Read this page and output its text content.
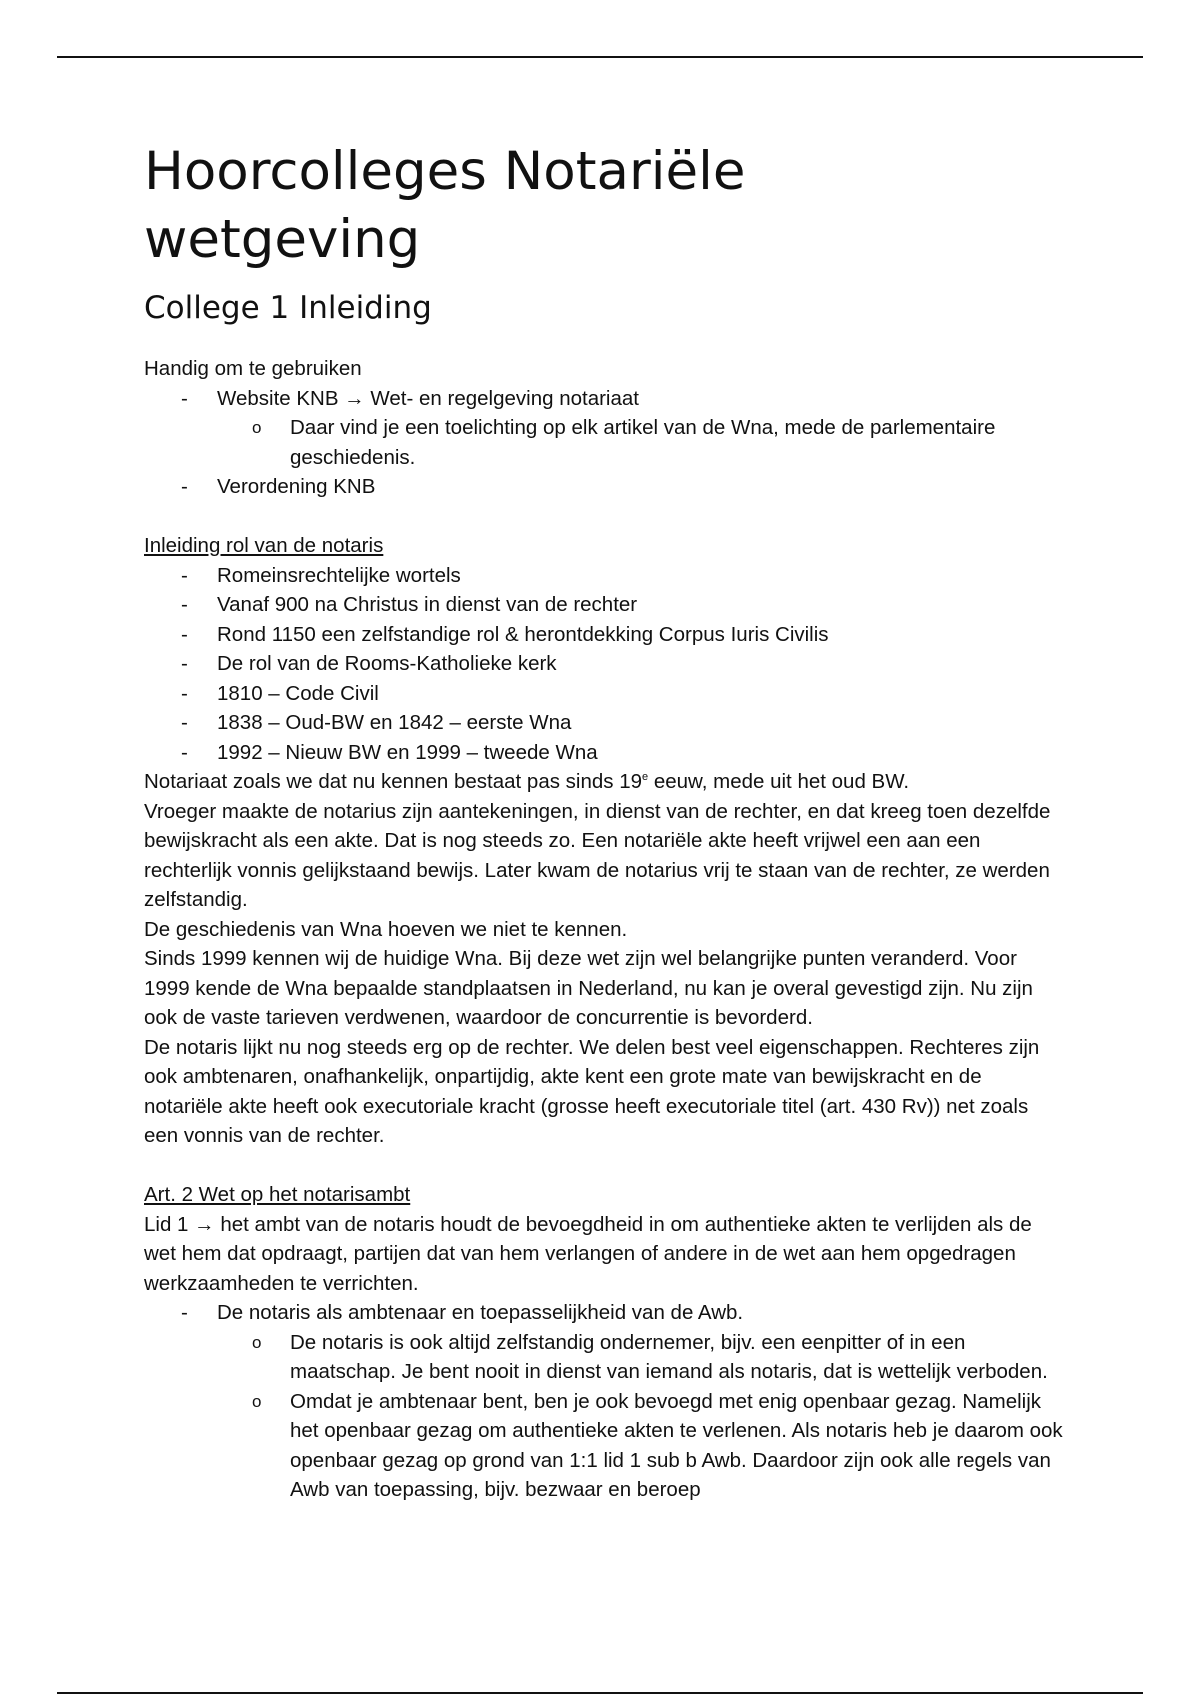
Hoorcolleges Notariële wetgeving
College 1 Inleiding

Handig om te gebruiken

- Website KNB → Wet- en regelgeving notariaat
o Daar vind je een toelichting op elk artikel van de Wna, mede de parlementaire geschiedenis.
- Verordening KNB

Inleiding rol van de notaris

- Romeinsrechtelijke wortels
- Vanaf 900 na Christus in dienst van de rechter
- Rond 1150 een zelfstandige rol & herontdekking Corpus Iuris Civilis
- De rol van de Rooms-Katholieke kerk
- 1810 – Code Civil
- 1838 – Oud-BW en 1842 – eerste Wna
- 1992 – Nieuw BW en 1999 – tweede Wna

Notariaat zoals we dat nu kennen bestaat pas sinds 19e eeuw, mede uit het oud BW.

Vroeger maakte de notarius zijn aantekeningen, in dienst van de rechter, en dat kreeg toen dezelfde bewijskracht als een akte. Dat is nog steeds zo. Een notariële akte heeft vrijwel een aan een rechterlijk vonnis gelijkstaand bewijs. Later kwam de notarius vrij te staan van de rechter, ze werden zelfstandig.

De geschiedenis van Wna hoeven we niet te kennen.

Sinds 1999 kennen wij de huidige Wna. Bij deze wet zijn wel belangrijke punten veranderd. Voor 1999 kende de Wna bepaalde standplaatsen in Nederland, nu kan je overal gevestigd zijn. Nu zijn ook de vaste tarieven verdwenen, waardoor de concurrentie is bevorderd.

De notaris lijkt nu nog steeds erg op de rechter. We delen best veel eigenschappen. Rechteres zijn ook ambtenaren, onafhankelijk, onpartijdig, akte kent een grote mate van bewijskracht en de notariële akte heeft ook executoriale kracht (grosse heeft executoriale titel (art. 430 Rv)) net zoals een vonnis van de rechter.

Art. 2 Wet op het notarisambt

Lid 1 → het ambt van de notaris houdt de bevoegdheid in om authentieke akten te verlijden als de wet hem dat opdraagt, partijen dat van hem verlangen of andere in de wet aan hem opgedragen werkzaamheden te verrichten.

- De notaris als ambtenaar en toepasselijkheid van de Awb.
o De notaris is ook altijd zelfstandig ondernemer, bijv. een eenpitter of in een maatschap. Je bent nooit in dienst van iemand als notaris, dat is wettelijk verboden.
o Omdat je ambtenaar bent, ben je ook bevoegd met enig openbaar gezag. Namelijk het openbaar gezag om authentieke akten te verlenen. Als notaris heb je daarom ook openbaar gezag op grond van 1:1 lid 1 sub b Awb. Daardoor zijn ook alle regels van Awb van toepassing, bijv. bezwaar en beroep
